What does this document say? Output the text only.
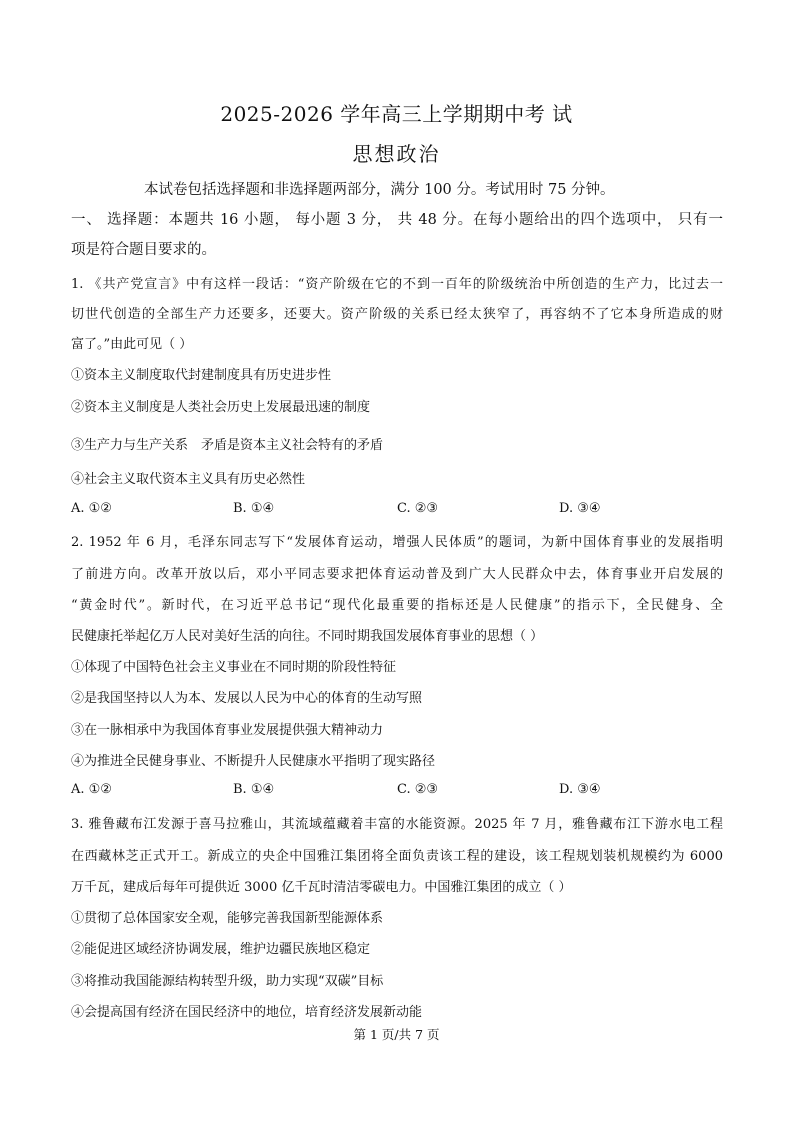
2025-2026 学年高三上学期期中考 试
思想政治
本试卷包括选择题和非选择题两部分，满分 100 分。考试用时 75 分钟。
一、 选择题：本题共 16 小题， 每小题 3 分， 共 48 分。在每小题给出的四个选项中， 只有一
项是符合题目要求的。
1. 《共产党宣言》中有这样一段话：“资产阶级在它的不到一百年的阶级统治中所创造的生产力，比过去一
切世代创造的全部生产力还要多，还要大。资产阶级的关系已经太狭窄了，再容纳不了它本身所造成的财
富了。”由此可见（ ）
①资本主义制度取代封建制度具有历史进步性
②资本主义制度是人类社会历史上发展最迅速的制度
③生产力与生产关系　矛盾是资本主义社会特有的矛盾
④社会主义取代资本主义具有历史必然性
A. ①②	B. ①④	C. ②③	D. ③④
2. 1952 年 6 月，毛泽东同志写下“发展体育运动，增强人民体质”的题词，为新中国体育事业的发展指明
了前进方向。改革开放以后，邓小平同志要求把体育运动普及到广大人民群众中去，体育事业开启发展的
“黄金时代”。新时代，在习近平总书记“现代化最重要的指标还是人民健康”的指示下，全民健身、全
民健康托举起亿万人民对美好生活的向往。不同时期我国发展体育事业的思想（ ）
①体现了中国特色社会主义事业在不同时期的阶段性特征
②是我国坚持以人为本、发展以人民为中心的体育的生动写照
③在一脉相承中为我国体育事业发展提供强大精神动力
④为推进全民健身事业、不断提升人民健康水平指明了现实路径
A. ①②	B. ①④	C. ②③	D. ③④
3. 雅鲁藏布江发源于喜马拉雅山，其流域蕴藏着丰富的水能资源。2025 年 7 月，雅鲁藏布江下游水电工程
在西藏林芝正式开工。新成立的央企中国雅江集团将全面负责该工程的建设，该工程规划装机规模约为 6000
万千瓦，建成后每年可提供近 3000 亿千瓦时清洁零碳电力。中国雅江集团的成立（ ）
①贯彻了总体国家安全观，能够完善我国新型能源体系
②能促进区域经济协调发展，维护边疆民族地区稳定
③将推动我国能源结构转型升级，助力实现“双碳”目标
④会提高国有经济在国民经济中的地位，培育经济发展新动能
第 1 页/共 7 页
